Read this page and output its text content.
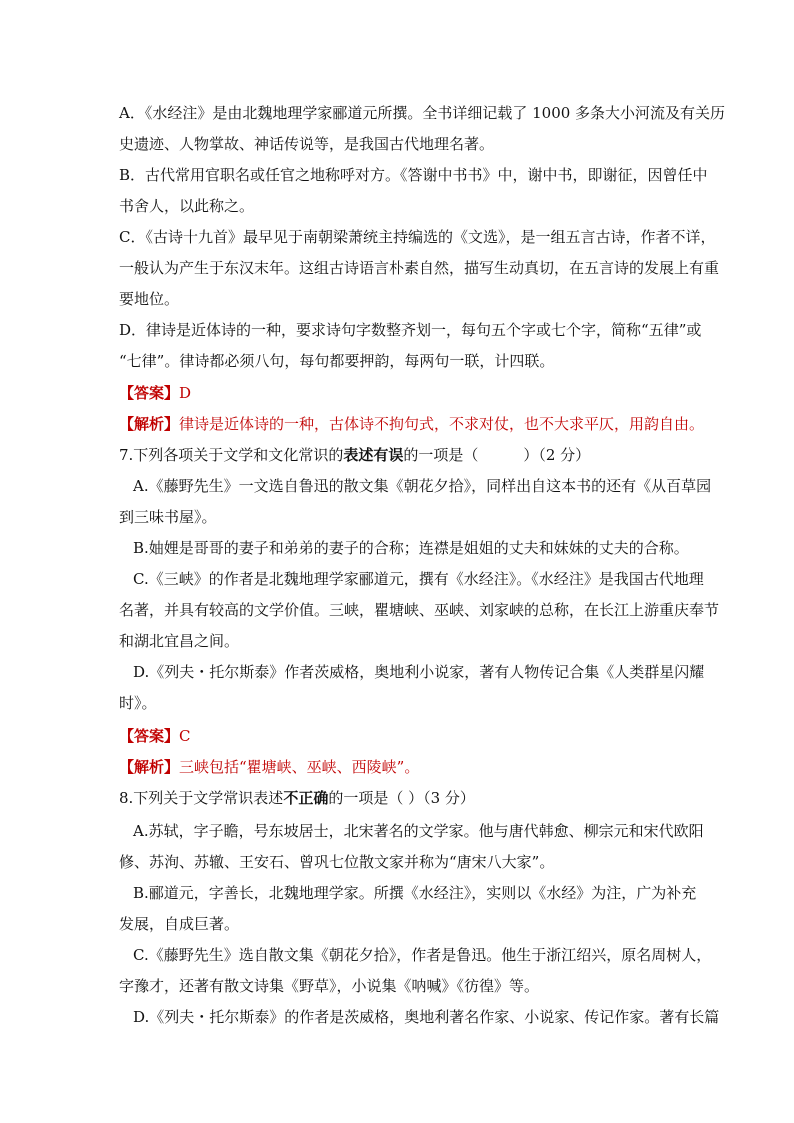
A．《水经注》是由北魏地理学家郦道元所撰。全书详细记载了 1000 多条大小河流及有关历
史遗迹、人物掌故、神话传说等，是我国古代地理名著。
B．古代常用官职名或任官之地称呼对方。《答谢中书书》中，谢中书，即谢征，因曾任中
书舍人，以此称之。
C．《古诗十九首》最早见于南朝梁萧统主持编选的《文选》，是一组五言古诗，作者不详，
一般认为产生于东汉末年。这组古诗语言朴素自然，描写生动真切，在五言诗的发展上有重
要地位。
D．律诗是近体诗的一种，要求诗句字数整齐划一，每句五个字或七个字，简称“五律”或
“七律”。律诗都必须八句，每句都要押韵，每两句一联，计四联。
【答案】D
【解析】律诗是近体诗的一种，古体诗不拘句式，不求对仗，也不大求平仄，用韵自由。
7.下列各项关于文学和文化常识的表述有误的一项是（　　　）（2 分）
A.《藤野先生》一文选自鲁迅的散文集《朝花夕拾》，同样出自这本书的还有《从百草园
到三味书屋》。
B.妯娌是哥哥的妻子和弟弟的妻子的合称；连襟是姐姐的丈夫和妹妹的丈夫的合称。
C.《三峡》的作者是北魏地理学家郦道元，撰有《水经注》。《水经注》是我国古代地理
名著，并具有较高的文学价值。三峡，瞿塘峡、巫峡、刘家峡的总称，在长江上游重庆奉节
和湖北宜昌之间。
D.《列夫・托尔斯泰》作者茨威格，奥地利小说家，著有人物传记合集《人类群星闪耀
时》。
【答案】C
【解析】三峡包括“瞿塘峡、巫峡、西陵峡”。
8.下列关于文学常识表述不正确的一项是（ ）（3 分）
A.苏轼，字子瞻，号东坡居士，北宋著名的文学家。他与唐代韩愈、柳宗元和宋代欧阳
修、苏洵、苏辙、王安石、曾巩七位散文家并称为“唐宋八大家”。
B.郦道元，字善长，北魏地理学家。所撰《水经注》，实则以《水经》为注，广为补充
发展，自成巨著。
C.《藤野先生》选自散文集《朝花夕拾》，作者是鲁迅。他生于浙江绍兴，原名周树人，
字豫才，还著有散文诗集《野草》，小说集《呐喊》《彷徨》等。
D.《列夫・托尔斯泰》的作者是茨威格，奥地利著名作家、小说家、传记作家。著有长篇
